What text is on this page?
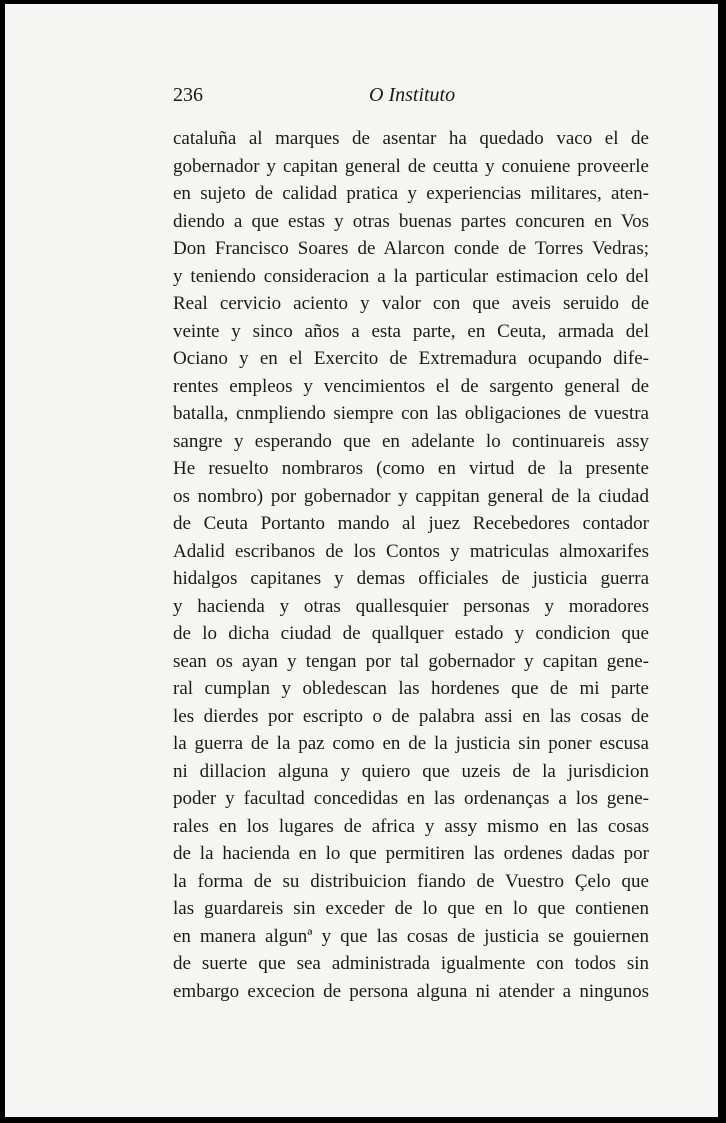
236	O Instituto
cataluña al marques de asentar ha quedado vaco el de
gobernador y capitan general de ceutta y conuiene proveerle
en sujeto de calidad pratica y experiencias militares, aten-
diendo a que estas y otras buenas partes concuren en Vos
Don Francisco Soares de Alarcon conde de Torres Vedras;
y teniendo consideracion a la particular estimacion celo del
Real cervicio aciento y valor con que aveis seruido de
veinte y sinco años a esta parte, en Ceuta, armada del
Ociano y en el Exercito de Extremadura ocupando dife-
rentes empleos y vencimientos el de sargento general de
batalla, cnmpliendo siempre con las obligaciones de vuestra
sangre y esperando que en adelante lo continuareis assy
He resuelto nombraros (como en virtud de la presente
os nombro) por gobernador y cappitan general de la ciudad
de Ceuta Portanto mando al juez Recebedores contador
Adalid escribanos de los Contos y matriculas almoxarifes
hidalgos capitanes y demas officiales de justicia guerra
y hacienda y otras quallesquier personas y moradores
de lo dicha ciudad de quallquer estado y condicion que
sean os ayan y tengan por tal gobernador y capitan gene-
ral cumplan y obledescan las hordenes que de mi parte
les dierdes por escripto o de palabra assi en las cosas de
la guerra de la paz como en de la justicia sin poner escusa
ni dillacion alguna y quiero que uzeis de la jurisdicion
poder y facultad concedidas en las ordenanças a los gene-
rales en los lugares de africa y assy mismo en las cosas
de la hacienda en lo que permitiren las ordenes dadas por
la forma de su distribuicion fiando de Vuestro Çelo que
las guardareis sin exceder de lo que en lo que contienen
en manera algunª y que las cosas de justicia se gouiernen
de suerte que sea administrada igualmente con todos sin
embargo excecion de persona alguna ni atender a ningunos
